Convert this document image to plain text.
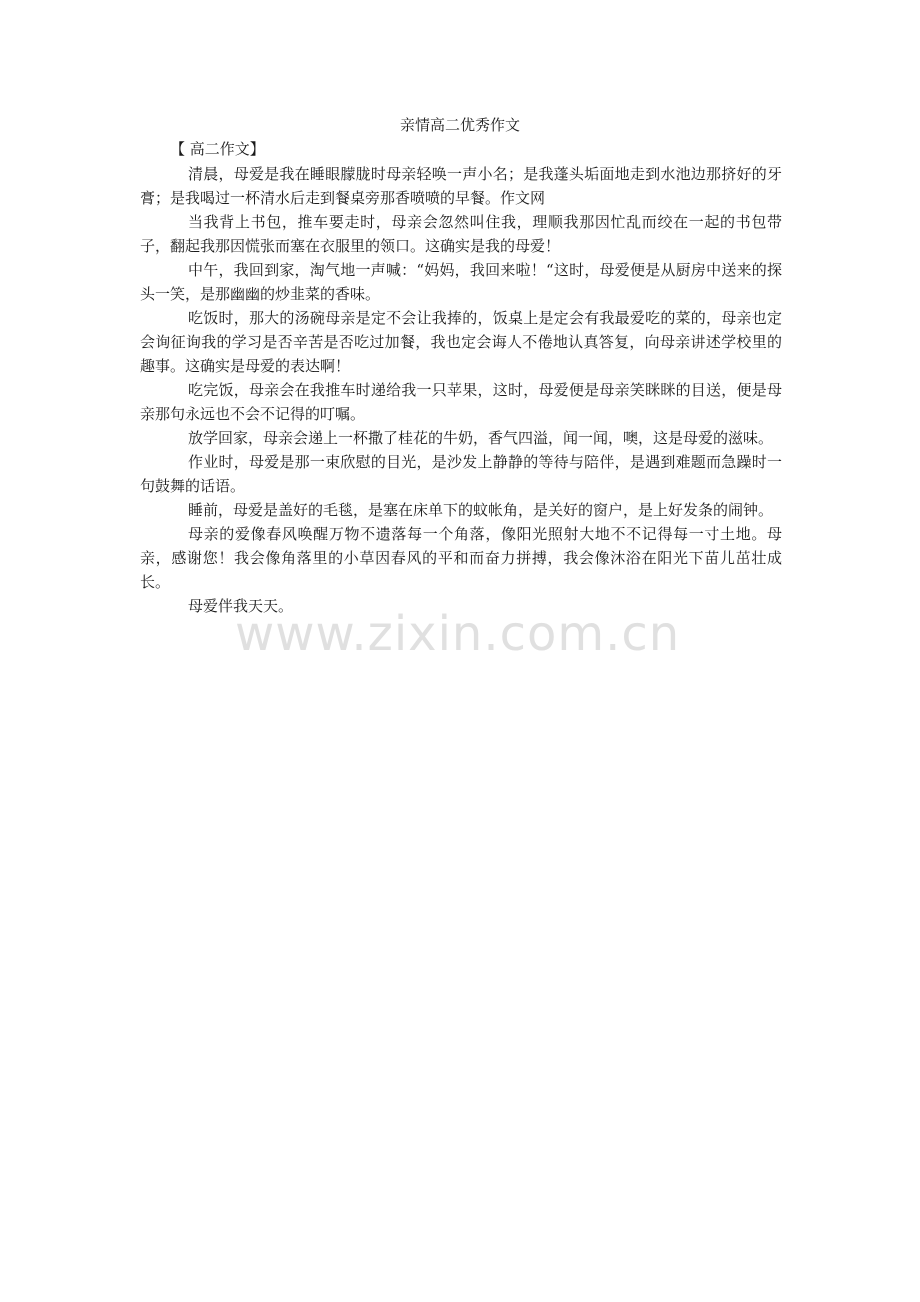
亲情高二优秀作文
【 高二作文】

清晨，母爱是我在睡眼朦胧时母亲轻唤一声小名；是我蓬头垢面地走到水池边那挤好的牙膏；是我喝过一杯清水后走到餐桌旁那香喷喷的早餐。作文网

当我背上书包，推车要走时，母亲会忽然叫住我，理顺我那因忙乱而绞在一起的书包带子，翻起我那因慌张而塞在衣服里的领口。这确实是我的母爱！

中午，我回到家，淘气地一声喊：“妈妈，我回来啦！“这时，母爱便是从厨房中送来的探头一笑，是那幽幽的炒韭菜的香味。

吃饭时，那大的汤碗母亲是定不会让我捧的，饭桌上是定会有我最爱吃的菜的，母亲也定会询征询我的学习是否辛苦是否吃过加餐，我也定会诲人不倦地认真答复，向母亲讲述学校里的趣事。这确实是母爱的表达啊！

吃完饭，母亲会在我推车时递给我一只苹果，这时，母爱便是母亲笑眯眯的目送，便是母亲那句永远也不会不记得的叮嘱。

放学回家，母亲会递上一杯撒了桂花的牛奶，香气四溢，闻一闻，噢，这是母爱的滋味。

作业时，母爱是那一束欣慰的目光，是沙发上静静的等待与陪伴，是遇到难题而急躁时一句鼓舞的话语。

睡前，母爱是盖好的毛毯，是塞在床单下的蚊帐角，是关好的窗户，是上好发条的闹钟。

母亲的爱像春风唤醒万物不遗落每一个角落，像阳光照射大地不不记得每一寸土地。母亲，感谢您！我会像角落里的小草因春风的平和而奋力拼搏，我会像沐浴在阳光下苗儿茁壮成长。

母爱伴我天天。

www.zixin.com.cn
